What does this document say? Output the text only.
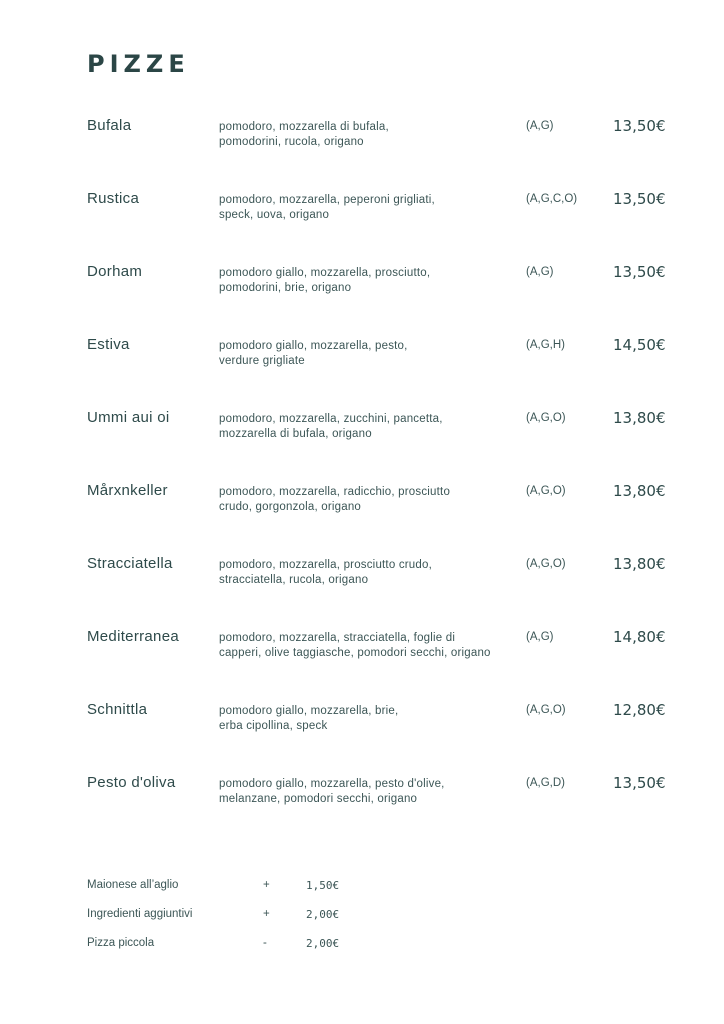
PIZZE
Bufala	pomodoro, mozzarella di bufala,
pomodorini, rucola, origano
(A,G)	13,50€
Rustica	pomodoro, mozzarella, peperoni grigliati,
speck, uova, origano
(A,G,C,O) 13,50€
Dorham	pomodoro giallo, mozzarella, prosciutto,
pomodorini, brie, origano
(A,G)	13,50€
Estiva	pomodoro giallo, mozzarella, pesto,
verdure grigliate
(A,G,H)	14,50€
Ummi aui oi	pomodoro, mozzarella, zucchini, pancetta,
mozzarella di bufala, origano
(A,G,O)	13,80€
Mårxnkeller	pomodoro, mozzarella, radicchio, prosciutto
crudo, gorgonzola, origano
(A,G,O)	13,80€
Stracciatella	pomodoro, mozzarella, prosciutto crudo,
stracciatella, rucola, origano
(A,G,O)	13,80€
Mediterranea	pomodoro, mozzarella, stracciatella, foglie di
capperi, olive taggiasche, pomodori secchi, origano
(A,G)	14,80€
Schnittla	pomodoro giallo, mozzarella, brie,
erba cipollina, speck
(A,G,O)	12,80€
Pesto d'oliva	pomodoro giallo, mozzarella, pesto d'olive,
melanzane, pomodori secchi, origano
(A,G,D)	13,50€
Maionese all’aglio	+	1,50€
Ingredienti aggiuntivi	+	2,00€
Pizza piccola	-	2,00€
